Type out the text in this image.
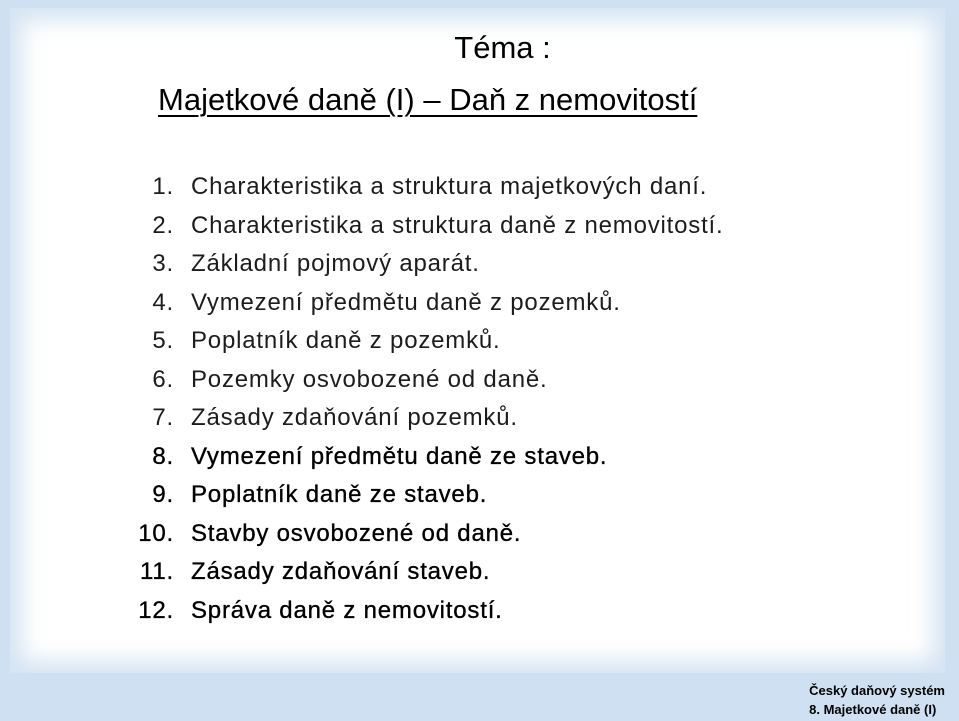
Téma :
Majetkové daně (I) – Daň z nemovitostí
1. Charakteristika a struktura majetkových daní.
2. Charakteristika a struktura daně z nemovitostí.
3. Základní pojmový aparát.
4. Vymezení předmětu daně z pozemků.
5. Poplatník daně z pozemků.
6. Pozemky osvobozené od daně.
7. Zásady zdaňování pozemků.
8. Vymezení předmětu daně ze staveb.
9. Poplatník daně ze staveb.
10. Stavby osvobozené od daně.
11. Zásady zdaňování staveb.
12. Správa daně z nemovitostí.
Český daňový systém
8. Majetkové daně (I)
